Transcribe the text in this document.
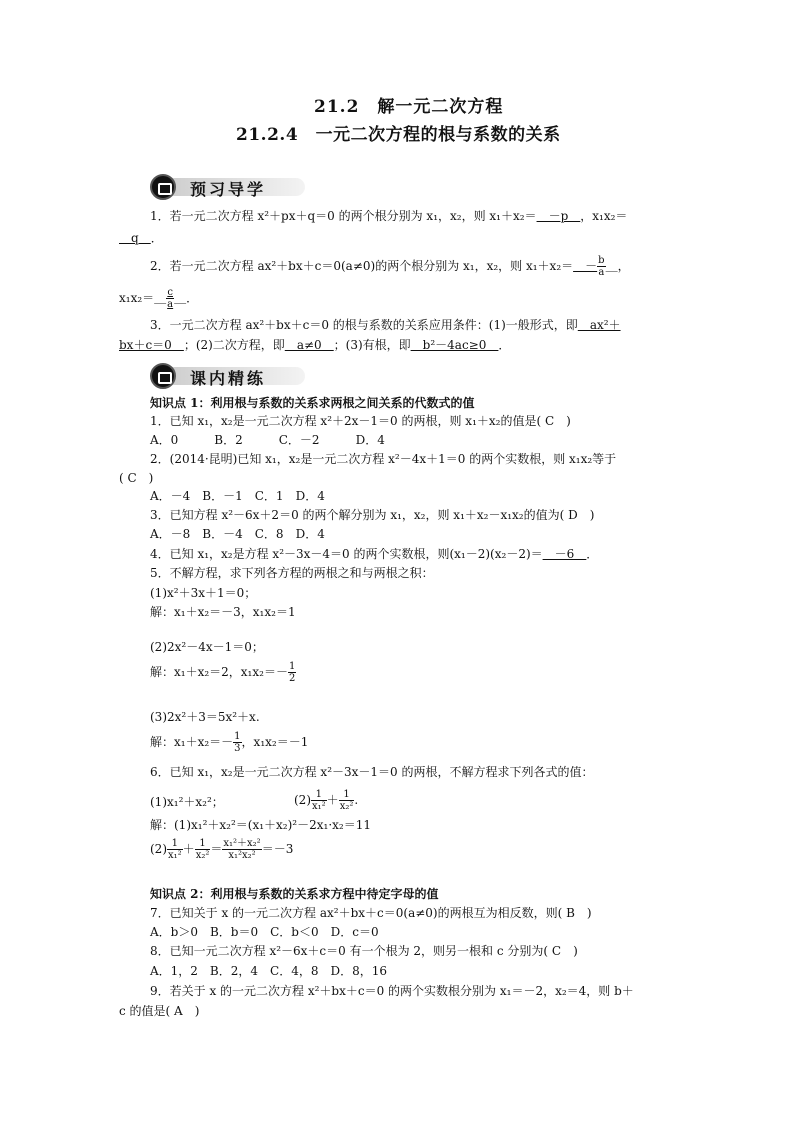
21.2　解一元二次方程
21.2.4　一元二次方程的根与系数的关系
预习导学
1．若一元二次方程 x²＋px＋q＝0 的两个根分别为 x₁，x₂，则 x₁＋x₂＝＿－p＿，x₁x₂＝
＿q＿．
2．若一元二次方程 ax²＋bx＋c＝0(a≠0)的两个根分别为 x₁，x₂，则 x₁＋x₂＝＿－ $\frac{b}{a}$ ＿，
x₁x₂＝＿ $\frac{c}{a}$ ＿．
3．一元二次方程 ax²＋bx＋c＝0 的根与系数的关系应用条件：(1)一般形式，即＿ax²＋
bx＋c＝0＿；(2)二次方程，即＿a≠0＿；(3)有根，即＿b²－4ac≥0＿．
课内精练
知识点 1：利用根与系数的关系求两根之间关系的代数式的值
1．已知 x₁，x₂是一元二次方程 x²＋2x－1＝0 的两根，则 x₁＋x₂的值是( C　)
A．0　　　B．2　　　C．－2　　　D．4
2．(2014·昆明)已知 x₁，x₂是一元二次方程 x²－4x＋1＝0 的两个实数根，则 x₁x₂等于
( C　)
A．－4　B．－1　C．1　D．4
3．已知方程 x²－6x＋2＝0 的两个解分别为 x₁，x₂，则 x₁＋x₂－x₁x₂的值为( D　)
A．－8　B．－4　C．8　D．4
4．已知 x₁，x₂是方程 x²－3x－4＝0 的两个实数根，则(x₁－2)(x₂－2)＝＿－6＿．
5．不解方程，求下列各方程的两根之和与两根之积：
(1)x²＋3x＋1＝0；
解：x₁＋x₂＝－3，x₁x₂＝1
(2)2x²－4x－1＝0；
解：x₁＋x₂＝2，$x_1x_2=- \frac{1}{2}$
(3)2x²＋3＝5x²＋x.
解：$x_1+x_2=- \frac{1}{3}$ ，x₁x₂＝－1
6．已知 x₁，x₂是一元二次方程 x²－3x－1＝0 的两根，不解方程求下列各式的值：
(1)x₁²＋x₂²；	$(2) \frac{1}{\text{x₁²}} + \frac{1}{\text{x₂²}}$ .
解：(1)x₁²＋x₂²＝(x₁＋x₂)²－2x₁·x₂＝11
$(2) \frac{1}{\text{x₁²}} + \frac{1}{\text{x₂²}} = \frac{\text{x₁²＋x₂²}}{\text{x₁²x₂²}} =-3$
知识点 2：利用根与系数的关系求方程中待定字母的值
7．已知关于 x 的一元二次方程 ax²＋bx＋c＝0(a≠0)的两根互为相反数，则( B　)
A．b＞0　B．b＝0　C．b＜0　D．c＝0
8．已知一元二次方程 x²－6x＋c＝0 有一个根为 2，则另一根和 c 分别为( C　)
A．1，2　B．2，4　C．4，8　D．8，16
9．若关于 x 的一元二次方程 x²＋bx＋c＝0 的两个实数根分别为 x₁＝－2，x₂＝4，则 b＋
c 的值是( A　)
